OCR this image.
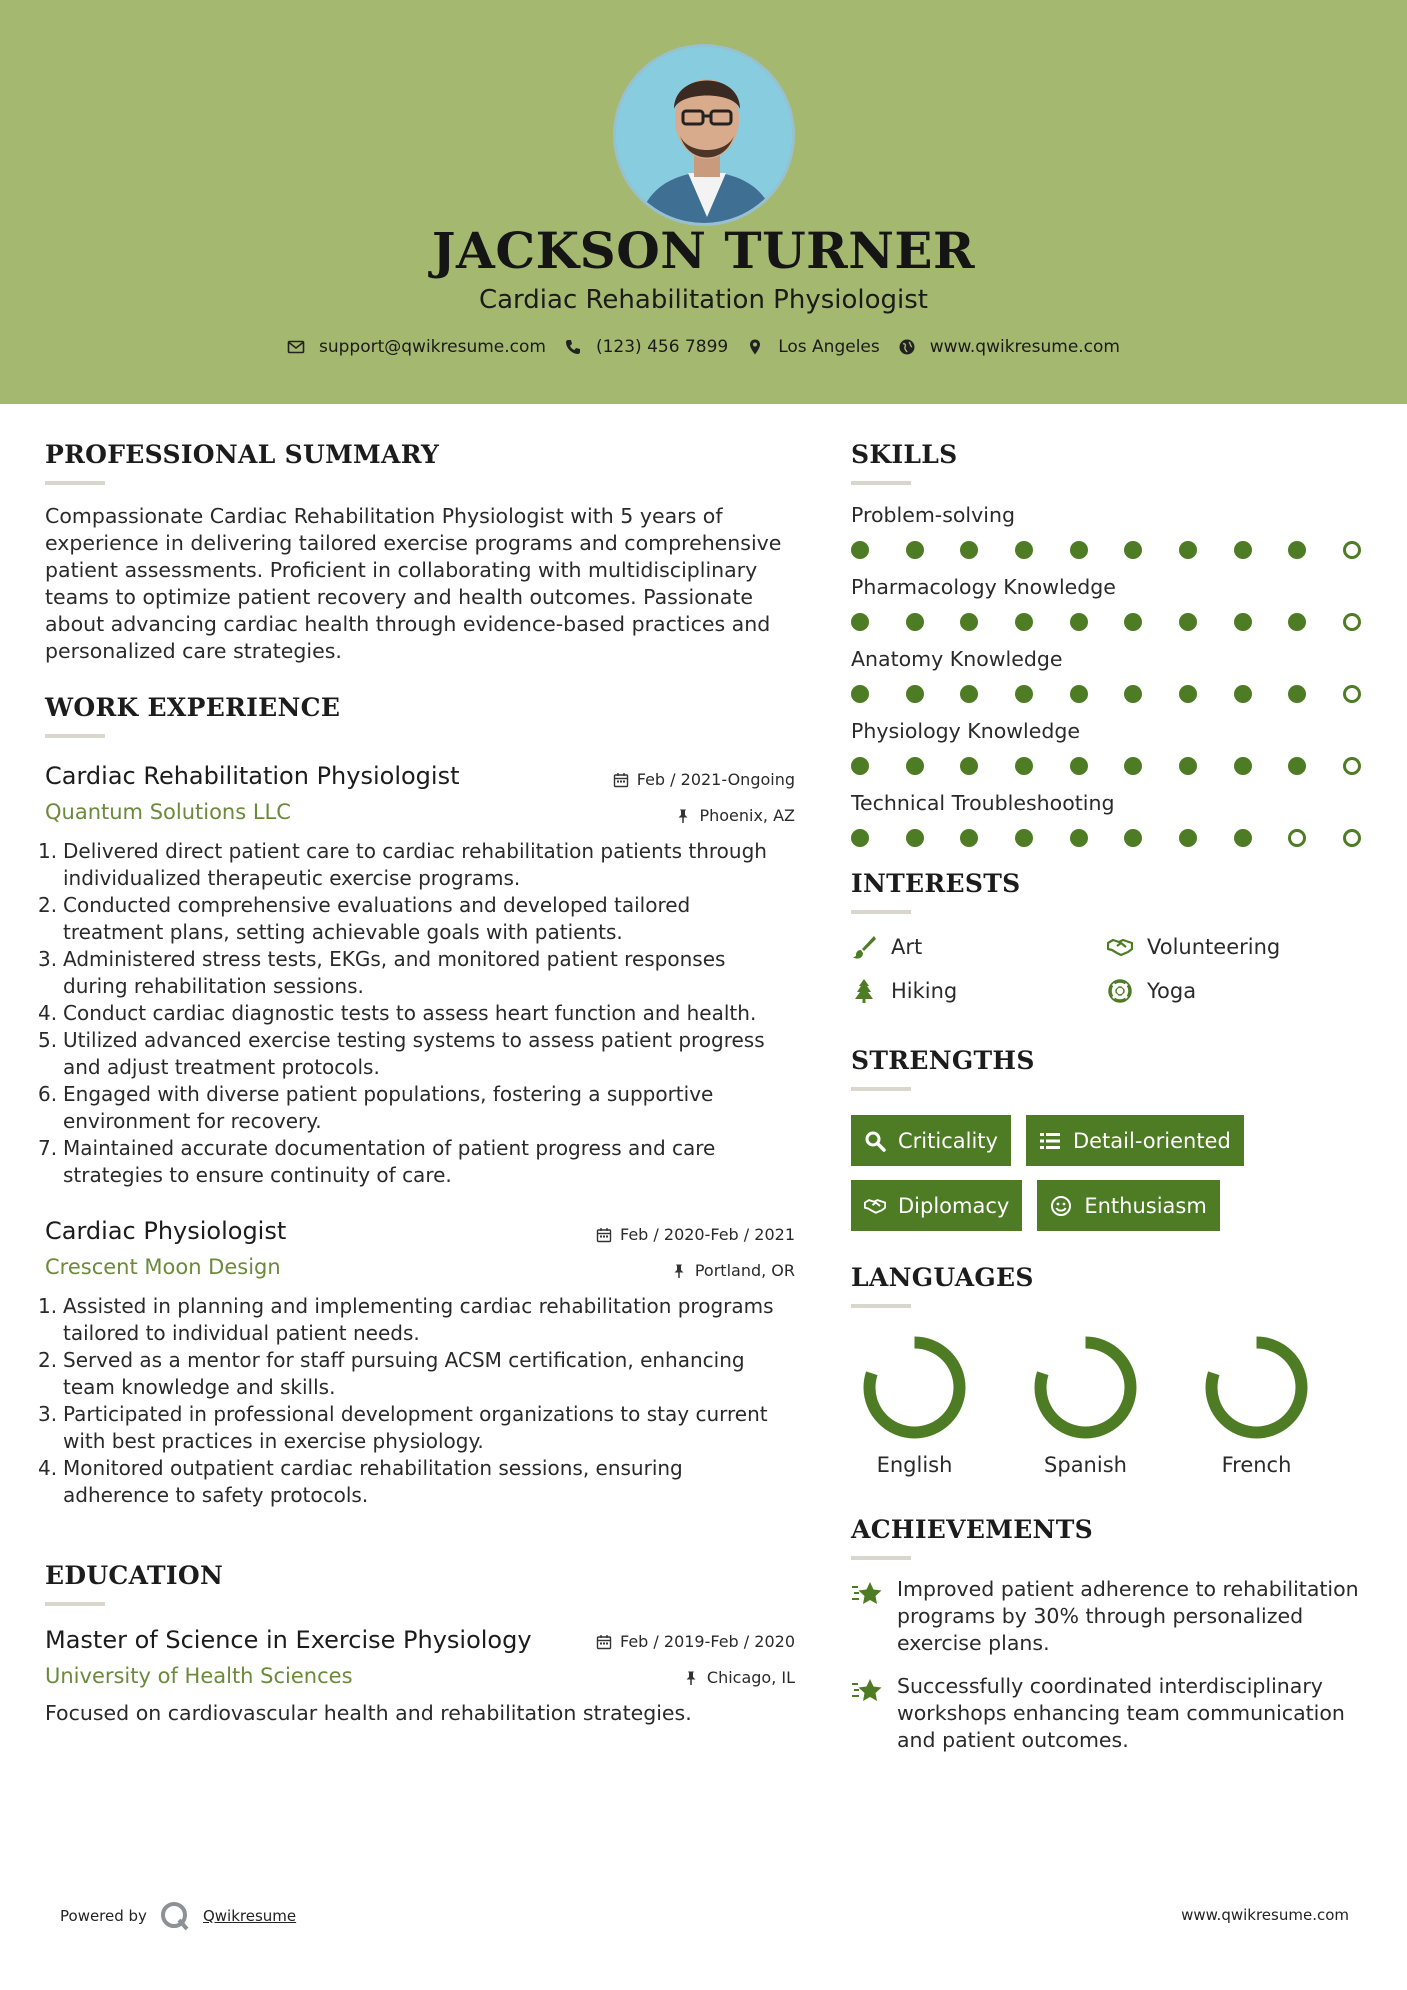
JACKSON TURNER
Cardiac Rehabilitation Physiologist
support@qwikresume.com	(123) 456 7899	Los Angeles	www.qwikresume.com
PROFESSIONAL SUMMARY

Compassionate Cardiac Rehabilitation Physiologist with 5 years of experience in delivering tailored exercise programs and comprehensive patient assessments. Proficient in collaborating with multidisciplinary teams to optimize patient recovery and health outcomes. Passionate about advancing cardiac health through evidence-based practices and personalized care strategies.

WORK EXPERIENCE
Cardiac Rehabilitation Physiologist	Feb / 2021-Ongoing
Quantum Solutions LLC	Phoenix, AZ
1. Delivered direct patient care to cardiac rehabilitation patients through individualized therapeutic exercise programs.
2. Conducted comprehensive evaluations and developed tailored treatment plans, setting achievable goals with patients.
3. Administered stress tests, EKGs, and monitored patient responses during rehabilitation sessions.
4. Conduct cardiac diagnostic tests to assess heart function and health.
5. Utilized advanced exercise testing systems to assess patient progress and adjust treatment protocols.
6. Engaged with diverse patient populations, fostering a supportive environment for recovery.
7. Maintained accurate documentation of patient progress and care strategies to ensure continuity of care.
Cardiac Physiologist	Feb / 2020-Feb / 2021
Crescent Moon Design	Portland, OR
1. Assisted in planning and implementing cardiac rehabilitation programs tailored to individual patient needs.
2. Served as a mentor for staff pursuing ACSM certification, enhancing team knowledge and skills.
3. Participated in professional development organizations to stay current with best practices in exercise physiology.
4. Monitored outpatient cardiac rehabilitation sessions, ensuring adherence to safety protocols.
EDUCATION
Master of Science in Exercise Physiology	Feb / 2019-Feb / 2020
University of Health Sciences	Chicago, IL

Focused on cardiovascular health and rehabilitation strategies.

SKILLS
Problem-solving
Pharmacology Knowledge
Anatomy Knowledge
Physiology Knowledge
Technical Troubleshooting
INTERESTS
Art	Volunteering
Hiking	Yoga
STRENGTHS
Criticality	Detail-oriented
Diplomacy	Enthusiasm
LANGUAGES
English	Spanish	French
ACHIEVEMENTS
Improved patient adherence to rehabilitation programs by 30% through personalized exercise plans.
Successfully coordinated interdisciplinary workshops enhancing team communication and patient outcomes.
Powered by	Qwikresume	www.qwikresume.com
